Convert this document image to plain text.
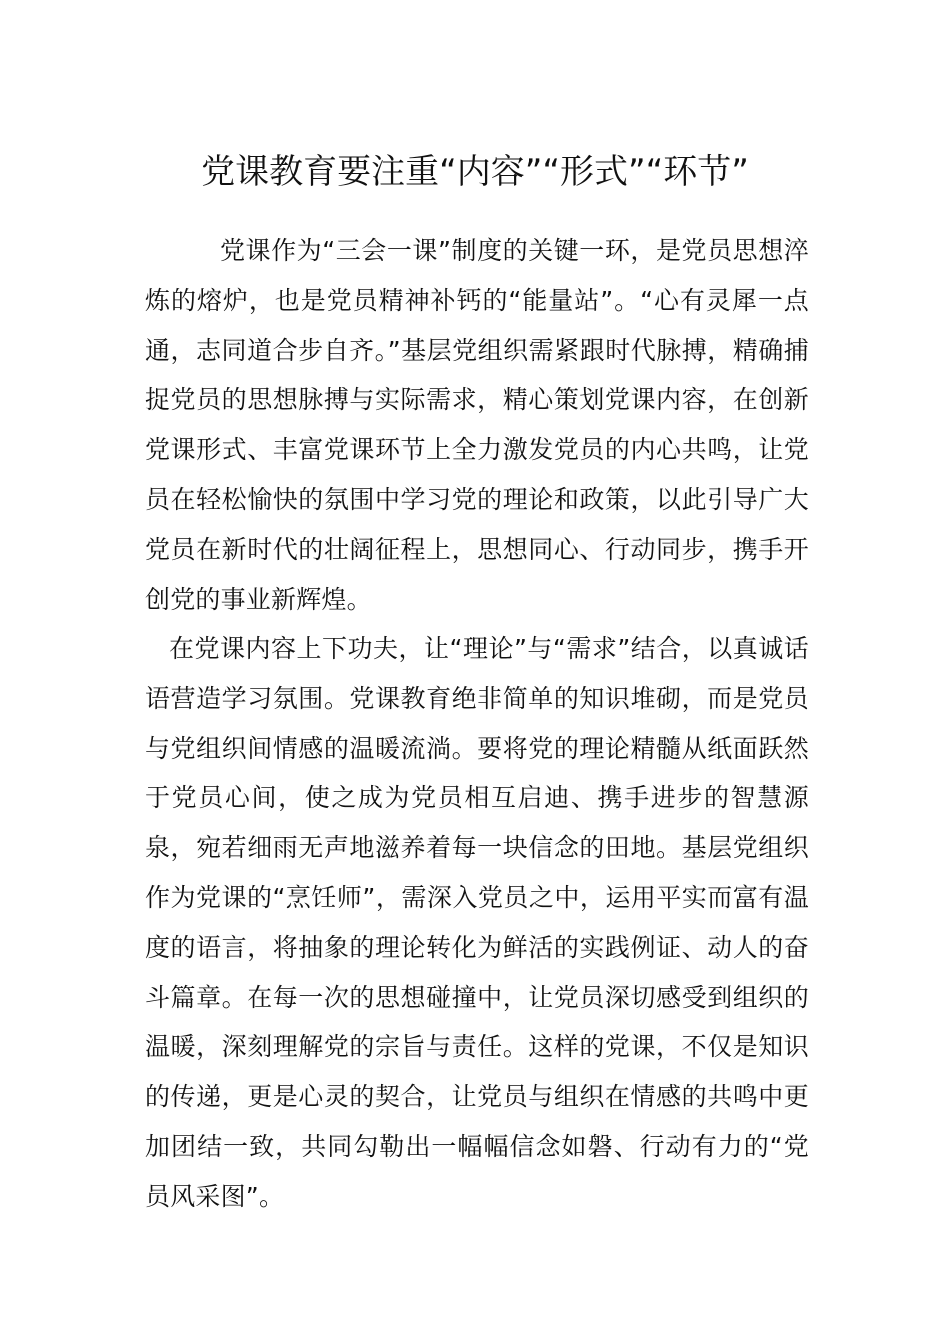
党课教育要注重“内容”“形式”“环节”

党课作为“三会一课”制度的关键一环，是党员思想淬炼的熔炉，也是党员精神补钙的“能量站”。“心有灵犀一点通，志同道合步自齐。”基层党组织需紧跟时代脉搏，精确捕捉党员的思想脉搏与实际需求，精心策划党课内容，在创新党课形式、丰富党课环节上全力激发党员的内心共鸣，让党员在轻松愉快的氛围中学习党的理论和政策，以此引导广大党员在新时代的壮阔征程上，思想同心、行动同步，携手开创党的事业新辉煌。

在党课内容上下功夫，让“理论”与“需求”结合，以真诚话语营造学习氛围。党课教育绝非简单的知识堆砌，而是党员与党组织间情感的温暖流淌。要将党的理论精髓从纸面跃然于党员心间，使之成为党员相互启迪、携手进步的智慧源泉，宛若细雨无声地滋养着每一块信念的田地。基层党组织作为党课的“烹饪师”，需深入党员之中，运用平实而富有温度的语言，将抽象的理论转化为鲜活的实践例证、动人的奋斗篇章。在每一次的思想碰撞中，让党员深切感受到组织的温暖，深刻理解党的宗旨与责任。这样的党课，不仅是知识的传递，更是心灵的契合，让党员与组织在情感的共鸣中更加团结一致，共同勾勒出一幅幅信念如磐、行动有力的“党员风采图”。
